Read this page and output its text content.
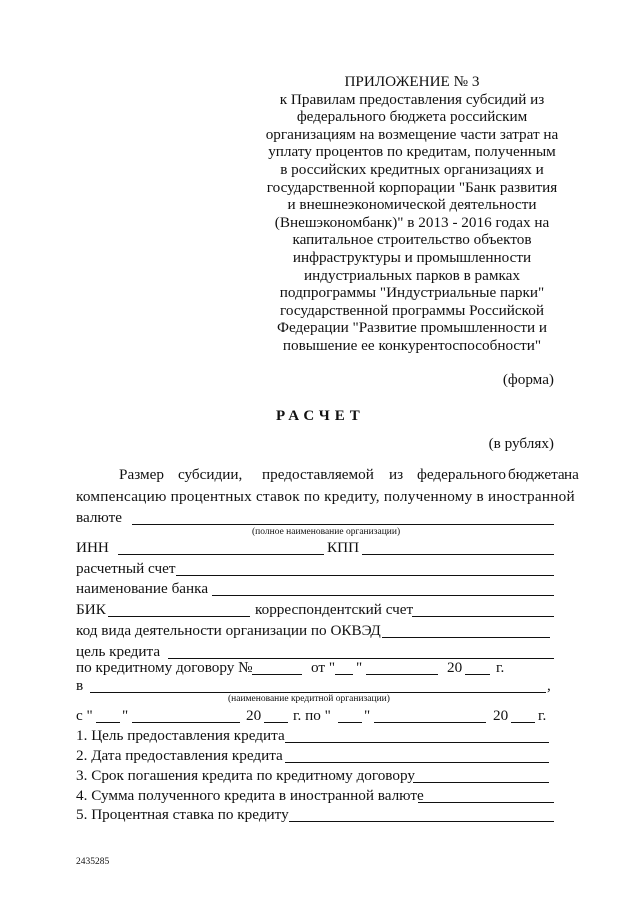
ПРИЛОЖЕНИЕ № 3
к Правилам предоставления субсидий из
федерального бюджета российским
организациям на возмещение части затрат на
уплату процентов по кредитам, полученным
в российских кредитных организациях и
государственной корпорации "Банк развития
и внешнеэкономической деятельности
(Внешэкономбанк)" в 2013 - 2016 годах на
капитальное строительство объектов
инфраструктуры и промышленности
индустриальных парков в рамках
подпрограммы "Индустриальные парки"
государственной программы Российской
Федерации "Развитие промышленности и
повышение ее конкурентоспособности"
(форма)
РАСЧЕТ
(в рублях)
Размер субсидии, предоставляемой из федерального бюджета на
компенсацию процентных ставок по кредиту, полученному в иностранной
валюте
(полное наименование организации)
ИНН	КПП
расчетный счет
наименование банка
БИК	корреспондентский счет
код вида деятельности организации по ОКВЭД
цель кредита
по кредитному договору №	от " "	20 г.
в	,
(наименование кредитной организации)
с " "	20 г. по " "	20 г.
1. Цель предоставления кредита
2. Дата предоставления кредита
3. Срок погашения кредита по кредитному договору
4. Сумма полученного кредита в иностранной валюте
5. Процентная ставка по кредиту
2435285
